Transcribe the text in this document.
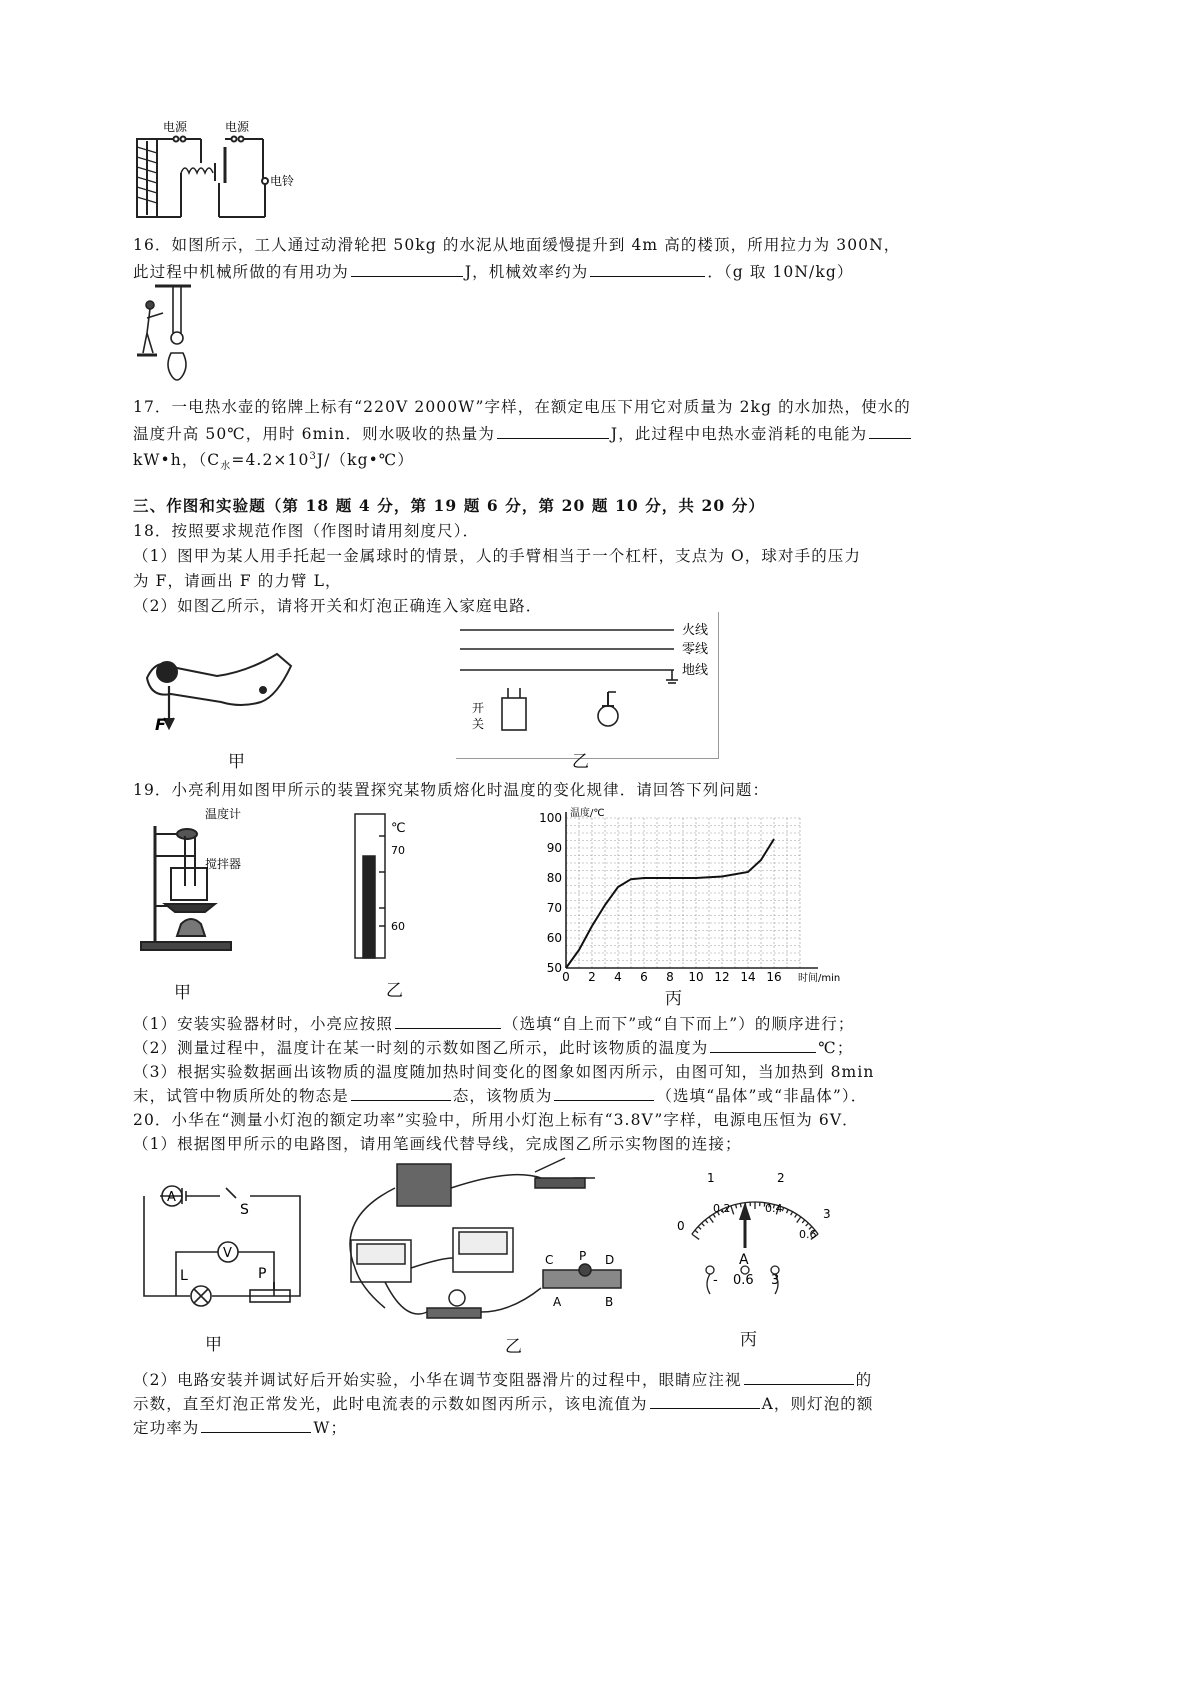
电源	电源
电铃
16．如图所示，工人通过动滑轮把 50kg 的水泥从地面缓慢提升到 4m 高的楼顶，所用拉力为 300N，
此过程中机械所做的有用功为	J，机械效率约为	．（g 取 10N/kg）
17．一电热水壶的铭牌上标有“220V 2000W”字样，在额定电压下用它对质量为 2kg 的水加热，使水的
温度升高 50℃，用时 6min．则水吸收的热量为	J，此过程中电热水壶消耗的电能为
kW•h，（$C_水=4.2\times 10^3J/(kg•℃)$
三、作图和实验题（第 18 题 4 分，第 19 题 6 分，第 20 题 10 分，共 20 分）
18．按照要求规范作图（作图时请用刻度尺）．
（1）图甲为某人用手托起一金属球时的情景，人的手臂相当于一个杠杆，支点为 O，球对手的压力
为 F，请画出 F 的力臂 L，
（2）如图乙所示，请将开关和灯泡正确连入家庭电路．
F
甲
火线
零线
地线
开
关
乙
19．小亮利用如图甲所示的装置探究某物质熔化时温度的变化规律．请回答下列问题：
温度计
搅拌器
甲
℃
70
60
乙
0 2 4 6 8 10 12 14 16
50
60
70
80
90
100 温度/℃
时间/min
丙
（1）安装实验器材时，小亮应按照	（选填“自上而下”或“自下而上”）的顺序进行；
（2）测量过程中，温度计在某一时刻的示数如图乙所示，此时该物质的温度为	℃；
（3）根据实验数据画出该物质的温度随加热时间变化的图象如图丙所示，由图可知，当加热到 8min
末，试管中物质所处的物态是	态，该物质为	（选填“晶体”或“非晶体”）．
20．小华在“测量小灯泡的额定功率”实验中，所用小灯泡上标有“3.8V”字样，电源电压恒为 6V．
（1）根据图甲所示的电路图，请用笔画线代替导线，完成图乙所示实物图的连接；
A
V
S
L	P
甲
C P D
A	B
乙
0
1	2
3
0.2	0.4
0.6
A
- 0.6 3
丙
（2）电路安装并调试好后开始实验，小华在调节变阻器滑片的过程中，眼睛应注视	的
示数，直至灯泡正常发光，此时电流表的示数如图丙所示，该电流值为	A，则灯泡的额
定功率为	W；
